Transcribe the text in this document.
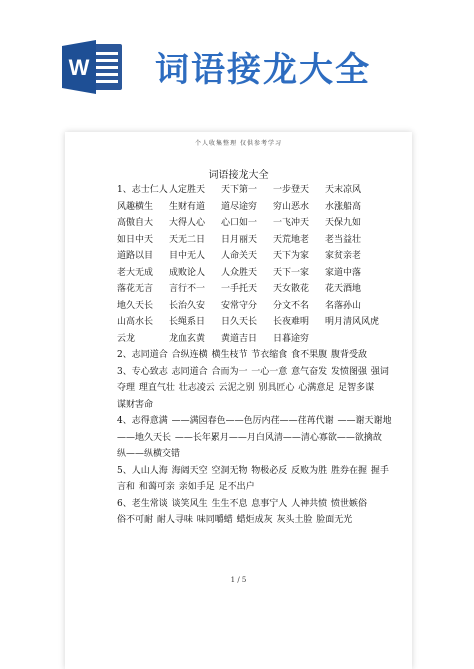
W 词语接龙大全
个人收集整理 仅供参考学习
词语接龙大全
1、志士仁人 人定胜天	天下第一	一步登天	天末凉风
风趣横生	生财有道	道尽途穷	穷山恶水	水涨船高
高傲自大	大得人心	心口如一	一飞冲天	天保九如
如日中天	天无二日	日月丽天	天荒地老	老当益壮
道路以目	目中无人	人命关天	天下为家	家贫亲老
老大无成	成败论人	人众胜天	天下一家	家道中落
落花无言	言行不一	一手托天	天女散花	花天酒地
地久天长	长治久安	安常守分	分文不名	名落孙山
山高水长	长绳系日	日久天长	长夜难明	明月清风风虎
云龙	龙血玄黄	黄道吉日	日暮途穷
2、志同道合 合纵连横 横生枝节 节衣缩食 食不果腹 腹背受敌
3、专心致志 志同道合 合而为一 一心一意 意气奋发 发愤图强 强词
夺理 理直气壮 壮志凌云 云泥之别 别具匠心 心满意足 足智多谋
谋财害命
4、志得意满 ——满园春色——色厉内荏——荏苒代谢 ——谢天谢地
——地久天长 ——长年累月——月白风清——清心寡欲——欲擒故
纵——纵横交错
5、人山人海 海阔天空 空洞无物 物极必反 反败为胜 胜券在握 握手
言和 和蔼可亲 亲如手足 足不出户
6、老生常谈 谈笑风生 生生不息 息事宁人 人神共愤 愤世嫉俗
俗不可耐 耐人寻味 味同嚼蜡 蜡炬成灰 灰头土脸 脸面无光
1 / 5
